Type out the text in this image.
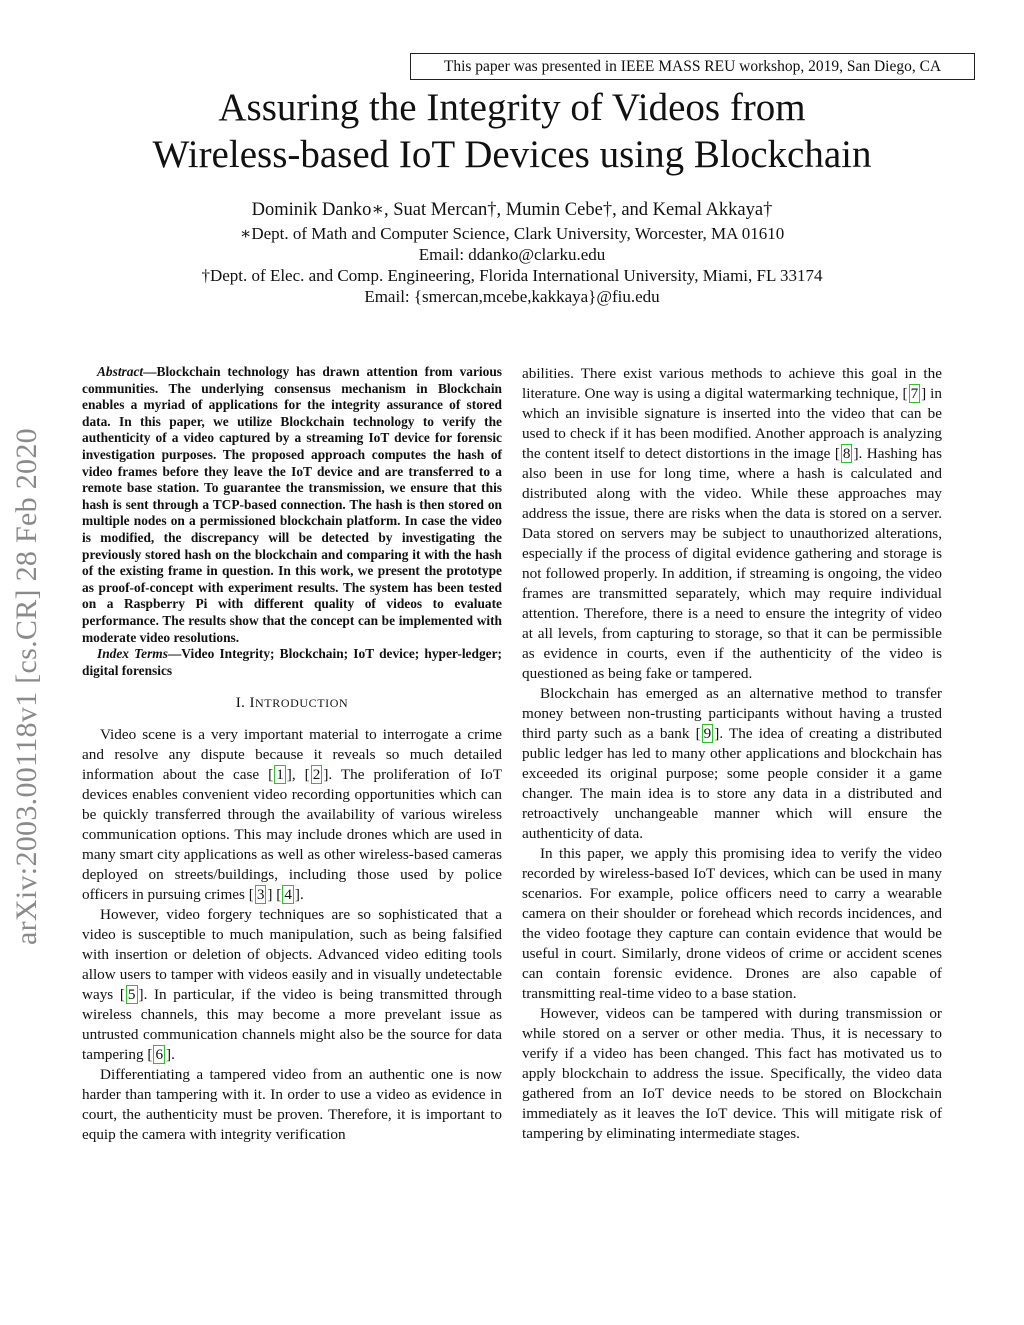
This paper was presented in IEEE MASS REU workshop, 2019, San Diego, CA
Assuring the Integrity of Videos from
Wireless-based IoT Devices using Blockchain
Dominik Danko∗, Suat Mercan†, Mumin Cebe†, and Kemal Akkaya†
∗Dept. of Math and Computer Science, Clark University, Worcester, MA 01610
Email: ddanko@clarku.edu
†Dept. of Elec. and Comp. Engineering, Florida International University, Miami, FL 33174
Email: {smercan,mcebe,kakkaya}@fiu.edu
arXiv:2003.00118v1 [cs.CR] 28 Feb 2020

Abstract—Blockchain technology has drawn attention from various communities. The underlying consensus mechanism in Blockchain enables a myriad of applications for the integrity assurance of stored data. In this paper, we utilize Blockchain technology to verify the authenticity of a video captured by a streaming IoT device for forensic investigation purposes. The proposed approach computes the hash of video frames before they leave the IoT device and are transferred to a remote base station. To guarantee the transmission, we ensure that this hash is sent through a TCP-based connection. The hash is then stored on multiple nodes on a permissioned blockchain platform. In case the video is modified, the discrepancy will be detected by investigating the previously stored hash on the blockchain and comparing it with the hash of the existing frame in question. In this work, we present the prototype as proof-of-concept with experiment results. The system has been tested on a Raspberry Pi with different quality of videos to evaluate performance. The results show that the concept can be implemented with moderate video resolutions.

Index Terms—Video Integrity; Blockchain; IoT device; hyper-ledger; digital forensics

I. INTRODUCTION

Video scene is a very important material to interrogate a crime and resolve any dispute because it reveals so much detailed information about the case [ 1 ], [ 2 ]. The proliferation of IoT devices enables convenient video recording opportunities which can be quickly transferred through the availability of various wireless communication options. This may include drones which are used in many smart city applications as well as other wireless-based cameras deployed on streets/buildings, including those used by police officers in pursuing crimes [ 3 ] [ 4 ].

However, video forgery techniques are so sophisticated that a video is susceptible to much manipulation, such as being falsified with insertion or deletion of objects. Advanced video editing tools allow users to tamper with videos easily and in visually undetectable ways [ 5 ]. In particular, if the video is being transmitted through wireless channels, this may become a more prevelant issue as untrusted communication channels might also be the source for data tampering [ 6 ].

Differentiating a tampered video from an authentic one is now harder than tampering with it. In order to use a video as evidence in court, the authenticity must be proven. Therefore, it is important to equip the camera with integrity verification

abilities. There exist various methods to achieve this goal in the literature. One way is using a digital watermarking technique, [ 7 ] in which an invisible signature is inserted into the video that can be used to check if it has been modified. Another approach is analyzing the content itself to detect distortions in the image [ 8 ]. Hashing has also been in use for long time, where a hash is calculated and distributed along with the video. While these approaches may address the issue, there are risks when the data is stored on a server. Data stored on servers may be subject to unauthorized alterations, especially if the process of digital evidence gathering and storage is not followed properly. In addition, if streaming is ongoing, the video frames are transmitted separately, which may require individual attention. Therefore, there is a need to ensure the integrity of video at all levels, from capturing to storage, so that it can be permissible as evidence in courts, even if the authenticity of the video is questioned as being fake or tampered.

Blockchain has emerged as an alternative method to transfer money between non-trusting participants without having a trusted third party such as a bank [ 9 ]. The idea of creating a distributed public ledger has led to many other applications and blockchain has exceeded its original purpose; some people consider it a game changer. The main idea is to store any data in a distributed and retroactively unchangeable manner which will ensure the authenticity of data.

In this paper, we apply this promising idea to verify the video recorded by wireless-based IoT devices, which can be used in many scenarios. For example, police officers need to carry a wearable camera on their shoulder or forehead which records incidences, and the video footage they capture can contain evidence that would be useful in court. Similarly, drone videos of crime or accident scenes can contain forensic evidence. Drones are also capable of transmitting real-time video to a base station.

However, videos can be tampered with during transmission or while stored on a server or other media. Thus, it is necessary to verify if a video has been changed. This fact has motivated us to apply blockchain to address the issue. Specifically, the video data gathered from an IoT device needs to be stored on Blockchain immediately as it leaves the IoT device. This will mitigate risk of tampering by eliminating intermediate stages.
